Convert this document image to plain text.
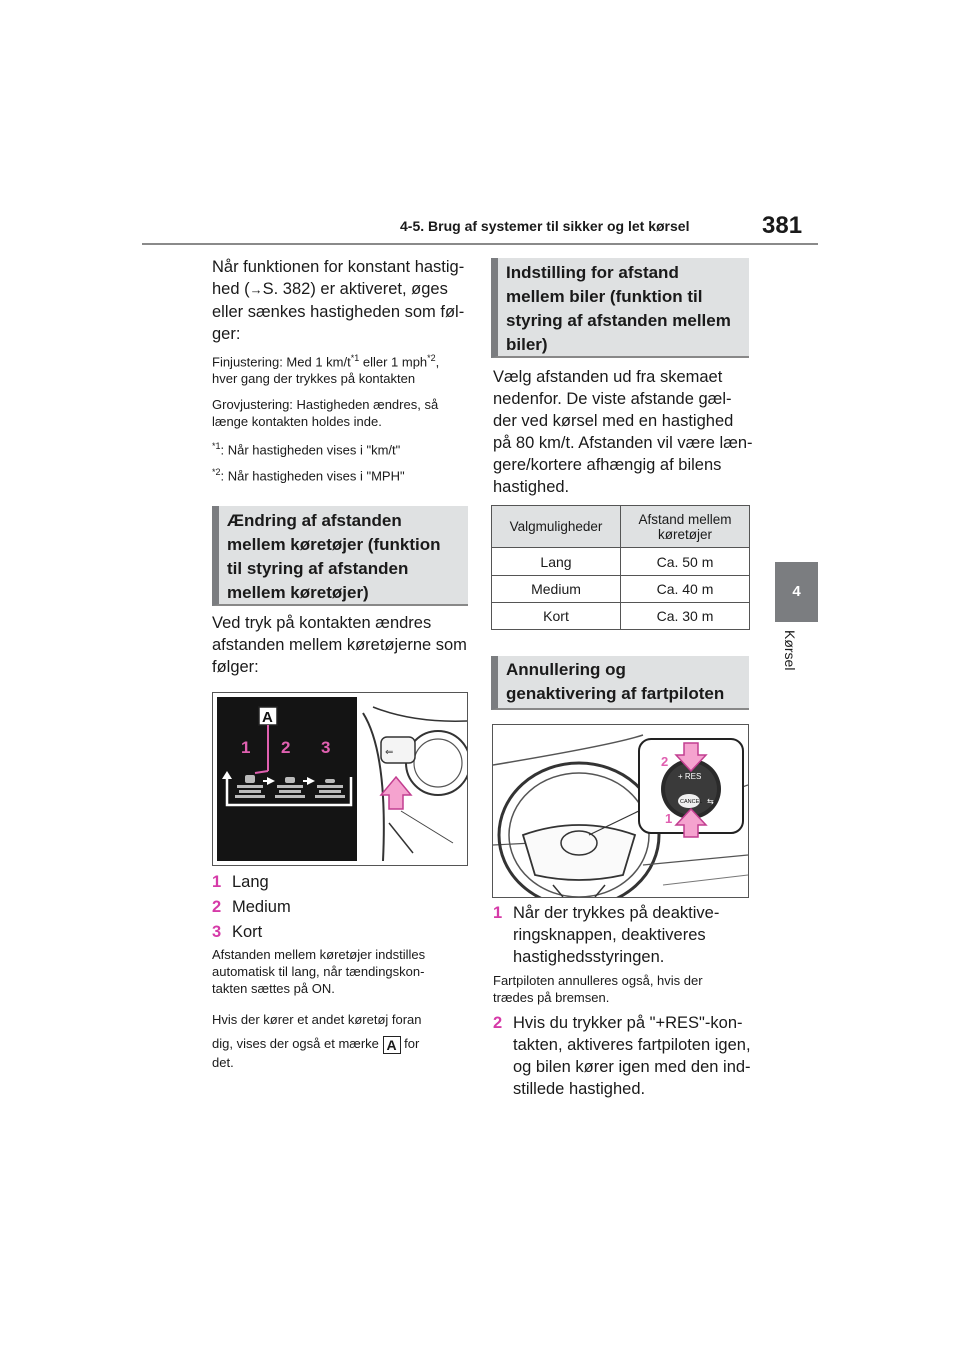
4-5. Brug af systemer til sikker og let kørsel	381
4
Kørsel
Når funktionen for konstant hastig-
hed (→S. 382) er aktiveret, øges
eller sænkes hastigheden som føl-
ger:
Finjustering: Med 1 $km/t^{*1}$ eller 1 mph$^{*2}$,
hver gang der trykkes på kontakten
Grovjustering: Hastigheden ændres, så
længe kontakten holdes inde.
$^{*1}$: Når hastigheden vises i "km/t"
$^{*2}$: Når hastigheden vises i "MPH"
Ændring af afstanden
mellem køretøjer (funktion
til styring af afstanden
mellem køretøjer)
Ved tryk på kontakten ændres
afstanden mellem køretøjerne som
følger:
⇐
A
1 2 3
1 Lang
2 Medium
3 Kort
Afstanden mellem køretøjer indstilles
automatisk til lang, når tændingskon-
takten sættes på ON.
Hvis der kører et andet køretøj foran
dig, vises der også et mærke A for
det.
Indstilling for afstand
mellem biler (funktion til
styring af afstanden mellem
biler)
Vælg afstanden ud fra skemaet
nedenfor. De viste afstande gæl-
der ved kørsel med en hastighed
på 80 km/t. Afstanden vil være læn-
gere/kortere afhængig af bilens
hastighed.
Valgmuligheder	Afstand mellem
køretøjer

Lang	Ca. 50 m
Medium	Ca. 40 m
Kort	Ca. 30 m
Annullering og
genaktivering af fartpiloten
+ RES
CANCEL ⇆
2
1
1 Når der trykkes på deaktive-
ringsknappen, deaktiveres
hastighedsstyringen.
Fartpiloten annulleres også, hvis der
trædes på bremsen.
2 Hvis du trykker på "+RES"-kon-
takten, aktiveres fartpiloten igen,
og bilen kører igen med den ind-
stillede hastighed.
